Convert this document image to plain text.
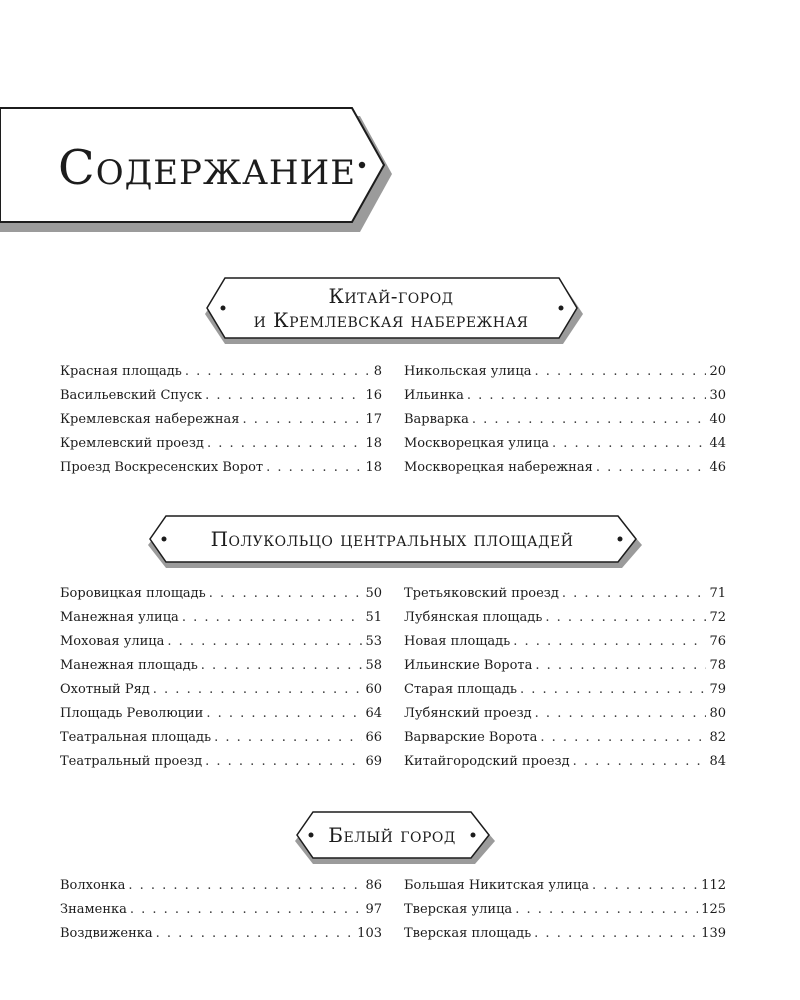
Содержание
Китай-город
и Кремлевская набережная
Красная площадь . . .	8
Васильевский Спуск . . .	16
Кремлевская набережная . . .	17
Кремлевский проезд . . .	18
Проезд Воскресенских Ворот . . .	18
Никольская улица . . .	20
Ильинка . . .	30
Варварка . . .	40
Москворецкая улица . . .	44
Москворецкая набережная . . .	46
Полукольцо центральных площадей
Боровицкая площадь . . .	50
Манежная улица . . .	51
Моховая улица . . .	53
Манежная площадь . . .	58
Охотный Ряд . . .	60
Площадь Революции . . .	64
Театральная площадь . . .	66
Театральный проезд . . .	69
Третьяковский проезд . . .	71
Лубянская площадь . . .	72
Новая площадь . . .	76
Ильинские Ворота . . .	78
Старая площадь . . .	79
Лубянский проезд . . .	80
Варварские Ворота . . .	82
Китайгородский проезд . . .	84
Белый город
Волхонка . . .	86
Знаменка . . .	97
Воздвиженка . . .	103
Большая Никитская улица . . .	112
Тверская улица . . .	125
Тверская площадь . . .	139
